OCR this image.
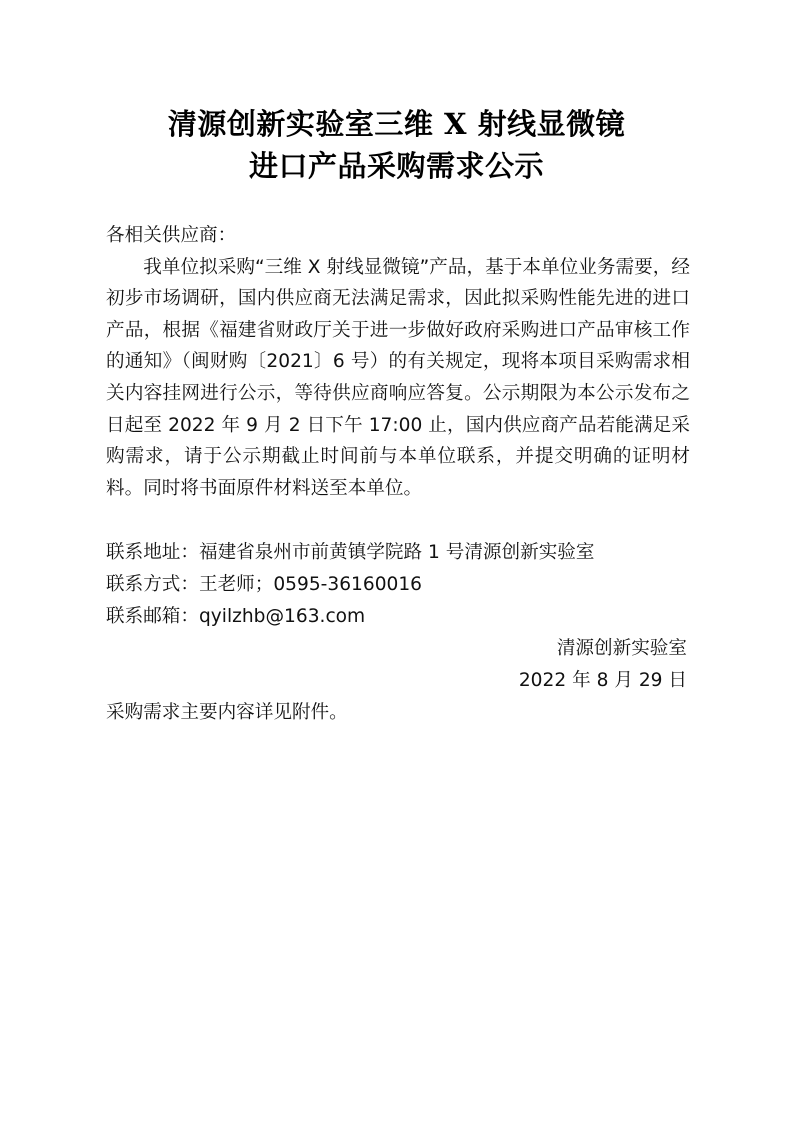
清源创新实验室三维 X 射线显微镜
进口产品采购需求公示

各相关供应商：

我单位拟采购“三维 X 射线显微镜”产品，基于本单位业务需要，经初步市场调研，国内供应商无法满足需求，因此拟采购性能先进的进口产品，根据《福建省财政厅关于进一步做好政府采购进口产品审核工作的通知》（闽财购〔2021〕6 号）的有关规定，现将本项目采购需求相关内容挂网进行公示，等待供应商响应答复。公示期限为本公示发布之日起至 2022 年 9 月 2 日下午 17:00 止，国内供应商产品若能满足采购需求，请于公示期截止时间前与本单位联系，并提交明确的证明材料。同时将书面原件材料送至本单位。

联系地址：福建省泉州市前黄镇学院路 1 号清源创新实验室

联系方式：王老师；0595-36160016

联系邮箱：qyilzhb@163.com

清源创新实验室

2022 年 8 月 29 日

采购需求主要内容详见附件。
